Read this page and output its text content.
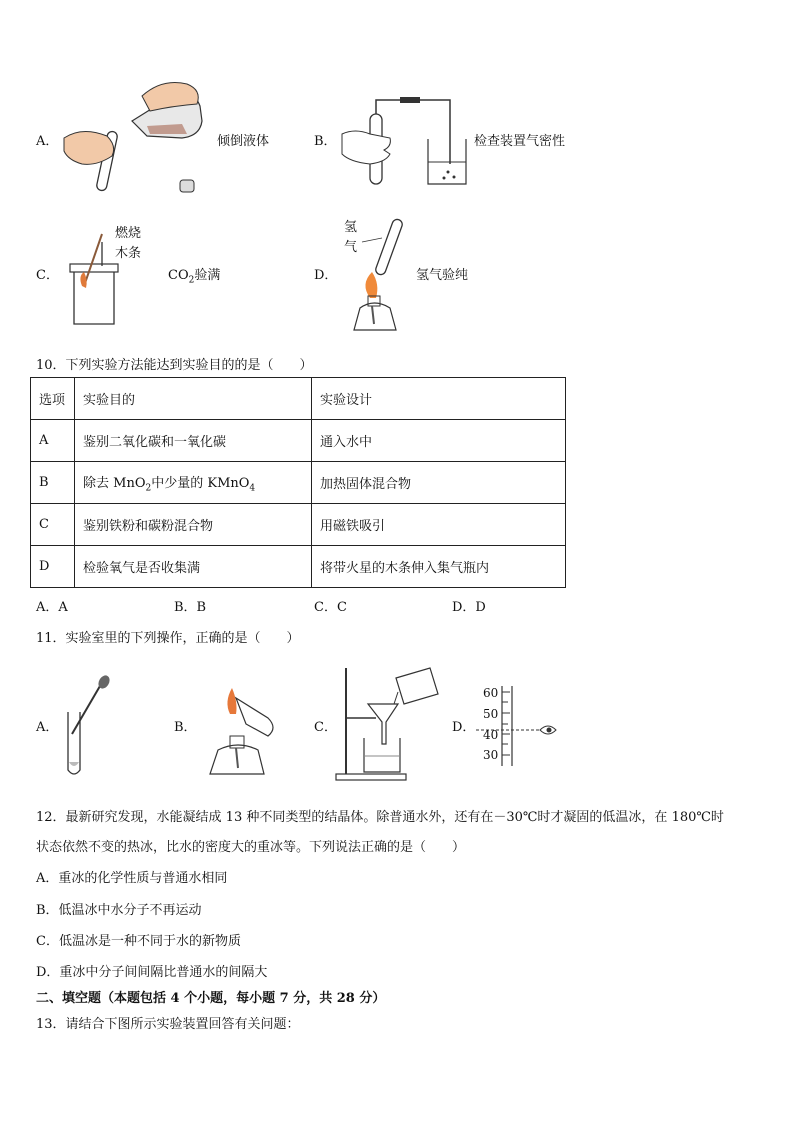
A．	倾倒液体	B．	检查装置气密性
C．
燃烧
木条
$CO_2$验满	D．
氢
气
氢气验纯
10．下列实验方法能达到实验目的的是（　　）
选项	实验目的	实验设计
A	鉴别二氧化碳和一氧化碳	通入水中
B	除去 MnO$_2$中少量的 KMnO$_4$	加热固体混合物
C	鉴别铁粉和碳粉混合物	用磁铁吸引
D	检验氧气是否收集满	将带火星的木条伸入集气瓶内
A．A	B．B	C．C	D．D
11．实验室里的下列操作，正确的是（　　）
A．	B．	C．	D．
60
50
40
30
12．最新研究发现，水能凝结成 13 种不同类型的结晶体。除普通水外，还有在－30℃时才凝固的低温冰，在 180℃时
状态依然不变的热冰，比水的密度大的重冰等。下列说法正确的是（　　）
A．重冰的化学性质与普通水相同
B．低温冰中水分子不再运动
C．低温冰是一种不同于水的新物质
D．重冰中分子间间隔比普通水的间隔大
二、填空题（本题包括 4 个小题，每小题 7 分，共 28 分）
13．请结合下图所示实验装置回答有关问题：
